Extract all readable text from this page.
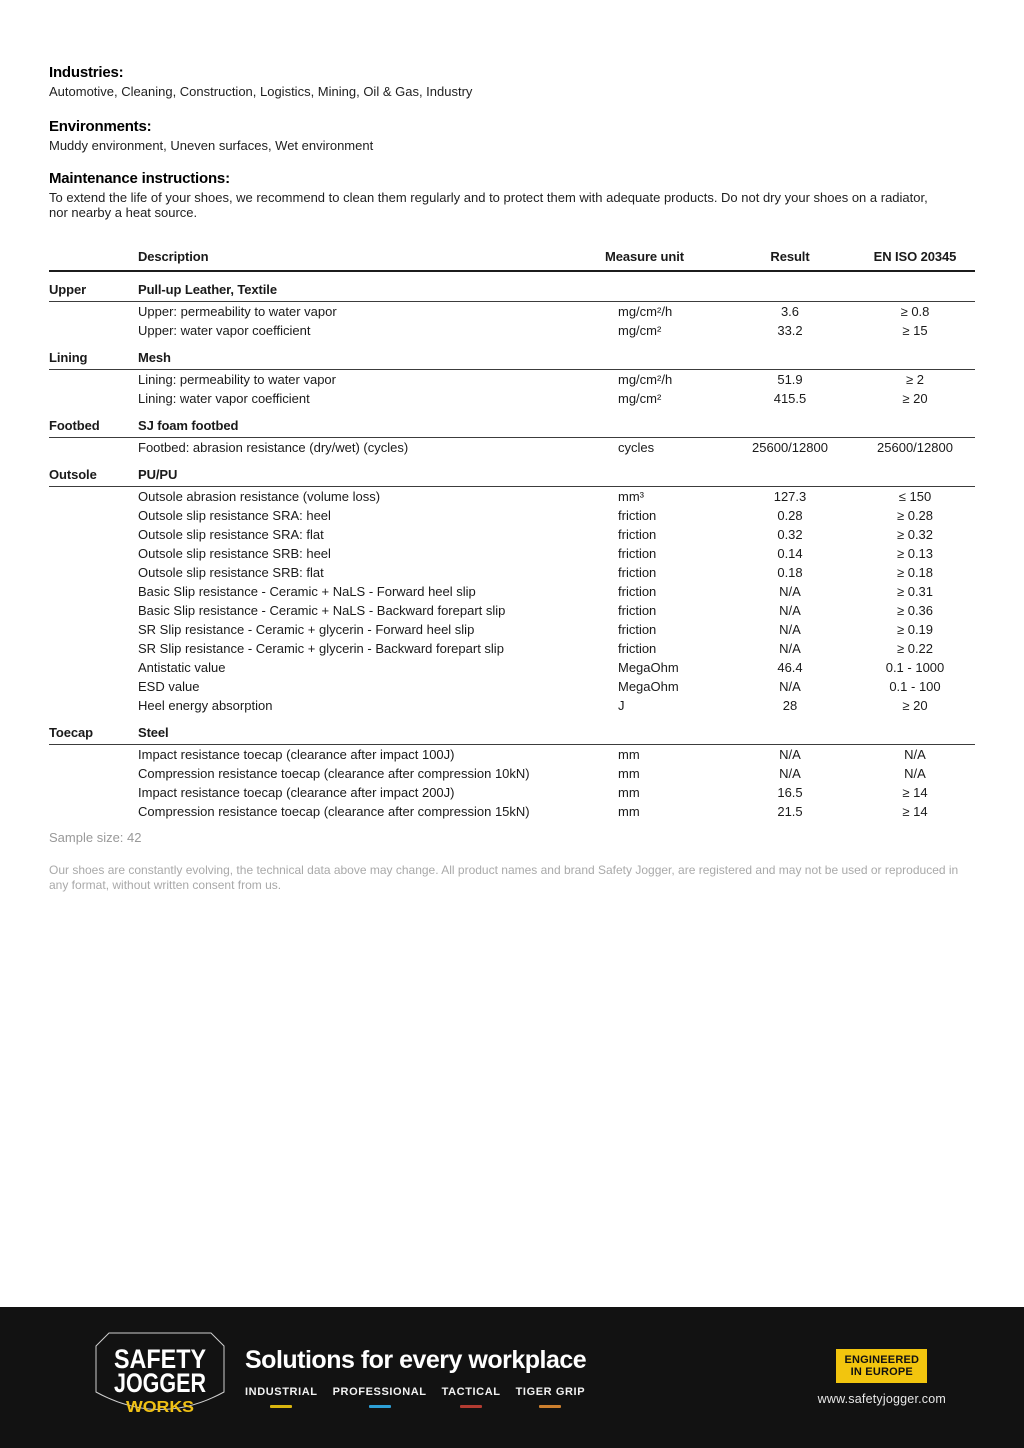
Industries:

Automotive, Cleaning, Construction, Logistics, Mining, Oil & Gas, Industry

Environments:

Muddy environment, Uneven surfaces, Wet environment

Maintenance instructions:

To extend the life of your shoes, we recommend to clean them regularly and to protect them with adequate products. Do not dry your shoes on a radiator, nor nearby a heat source.

Description	Measure unit	Result	EN ISO 20345
Upper	Pull-up Leather, Textile
Upper: permeability to water vapor	mg/cm²/h	3.6	≥ 0.8
Upper: water vapor coefficient	mg/cm²	33.2	≥ 15
Lining	Mesh
Lining: permeability to water vapor	mg/cm²/h	51.9	≥ 2
Lining: water vapor coefficient	mg/cm²	415.5	≥ 20
Footbed	SJ foam footbed
Footbed: abrasion resistance (dry/wet) (cycles)	cycles	25600/12800	25600/12800
Outsole	PU/PU
Outsole abrasion resistance (volume loss)	mm³	127.3	≤ 150
Outsole slip resistance SRA: heel	friction	0.28	≥ 0.28
Outsole slip resistance SRA: flat	friction	0.32	≥ 0.32
Outsole slip resistance SRB: heel	friction	0.14	≥ 0.13
Outsole slip resistance SRB: flat	friction	0.18	≥ 0.18
Basic Slip resistance - Ceramic + NaLS - Forward heel slip	friction	N/A	≥ 0.31
Basic Slip resistance - Ceramic + NaLS - Backward forepart slip	friction	N/A	≥ 0.36
SR Slip resistance - Ceramic + glycerin - Forward heel slip	friction	N/A	≥ 0.19
SR Slip resistance - Ceramic + glycerin - Backward forepart slip	friction	N/A	≥ 0.22
Antistatic value	MegaOhm	46.4	0.1 - 1000
ESD value	MegaOhm	N/A	0.1 - 100
Heel energy absorption	J	28	≥ 20
Toecap	Steel
Impact resistance toecap (clearance after impact 100J)	mm	N/A	N/A
Compression resistance toecap (clearance after compression 10kN)	mm	N/A	N/A
Impact resistance toecap (clearance after impact 200J)	mm	16.5	≥ 14
Compression resistance toecap (clearance after compression 15kN)	mm	21.5	≥ 14

Sample size: 42

Our shoes are constantly evolving, the technical data above may change. All product names and brand Safety Jogger, are registered and may not be used or reproduced in any format, without written consent from us.

SAFETY
JOGGER
WORKS
Solutions for every workplace
INDUSTRIAL PROFESSIONAL TACTICAL TIGER GRIP
ENGINEERED
IN EUROPE
www.safetyjogger.com
